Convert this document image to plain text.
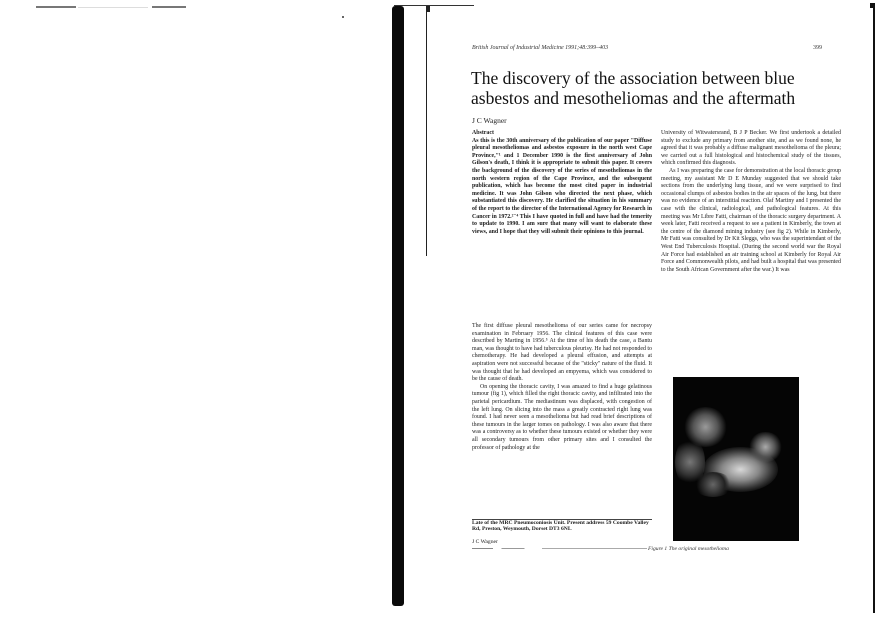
British Journal of Industrial Medicine 1991;48:399–403	399
The discovery of the association between blue asbestos and mesotheliomas and the aftermath
J C Wagner

Abstract

As this is the 30th anniversary of the publication of our paper "Diffuse pleural mesotheliomas and asbestos exposure in the north west Cape Province,"¹ and 1 December 1990 is the first anniversary of John Gilson's death, I think it is appropriate to submit this paper. It covers the background of the discovery of the series of mesotheliomas in the north western region of the Cape Province, and the subsequent publication, which has become the most cited paper in industrial medicine. It was John Gilson who directed the next phase, which substantiated this discovery. He clarified the situation in his summary of the report to the director of the International Agency for Research in Cancer in 1972.²⁻⁴ This I have quoted in full and have had the temerity to update to 1990. I am sure that many will want to elaborate these views, and I hope that they will submit their opinions to this journal.

The first diffuse pleural mesothelioma of our series came for necropsy examination in February 1956. The clinical features of this case were described by Marting in 1956.⁵ At the time of his death the case, a Bantu man, was thought to have had tuberculous pleurisy. He had not responded to chemotherapy. He had developed a pleural effusion, and attempts at aspiration were not successful because of the "sticky" nature of the fluid. It was thought that he had developed an empyema, which was considered to be the cause of death.

On opening the thoracic cavity, I was amazed to find a huge gelatinous tumour (fig 1), which filled the right thoracic cavity, and infiltrated into the parietal pericardium. The mediastinum was displaced, with congestion of the left lung. On slicing into the mass a greatly contracted right lung was found. I had never seen a mesothelioma but had read brief descriptions of these tumours in the larger tomes on pathology. I was also aware that there was a controversy as to whether these tumours existed or whether they were all secondary tumours from other primary sites and I consulted the professor of pathology at the

Late of the MRC Pneumoconiosis Unit. Present address 59 Coombe Valley Rd, Preston, Weymouth, Dorset DT3 6NL
J C Wagner

University of Witwatersrand, B J P Becker. We first undertook a detailed study to exclude any primary from another site, and as we found none, he agreed that it was probably a diffuse malignant mesothelioma of the pleura; we carried out a full histological and histochemical study of the tissues, which confirmed this diagnosis.

As I was preparing the case for demonstration at the local thoracic group meeting, my assistant Mr D E Munday suggested that we should take sections from the underlying lung tissue, and we were surprised to find occasional clumps of asbestos bodies in the air spaces of the lung, but there was no evidence of an interstitial reaction. Olaf Martiny and I presented the case with the clinical, radiological, and pathological features. At this meeting was Mr Libre Fatti, chairman of the thoracic surgery department. A week later, Fatti received a request to see a patient in Kimberly, the town at the centre of the diamond mining industry (see fig 2). While in Kimberly, Mr Fatti was consulted by Dr Kit Sleggs, who was the superintendant of the West End Tuberculosis Hospital. (During the second world war the Royal Air Force had established an air training school at Kimberly for Royal Air Force and Commonwealth pilots, and had built a hospital that was presented to the South African Government after the war.) It was

Figure 1 The original mesothelioma
